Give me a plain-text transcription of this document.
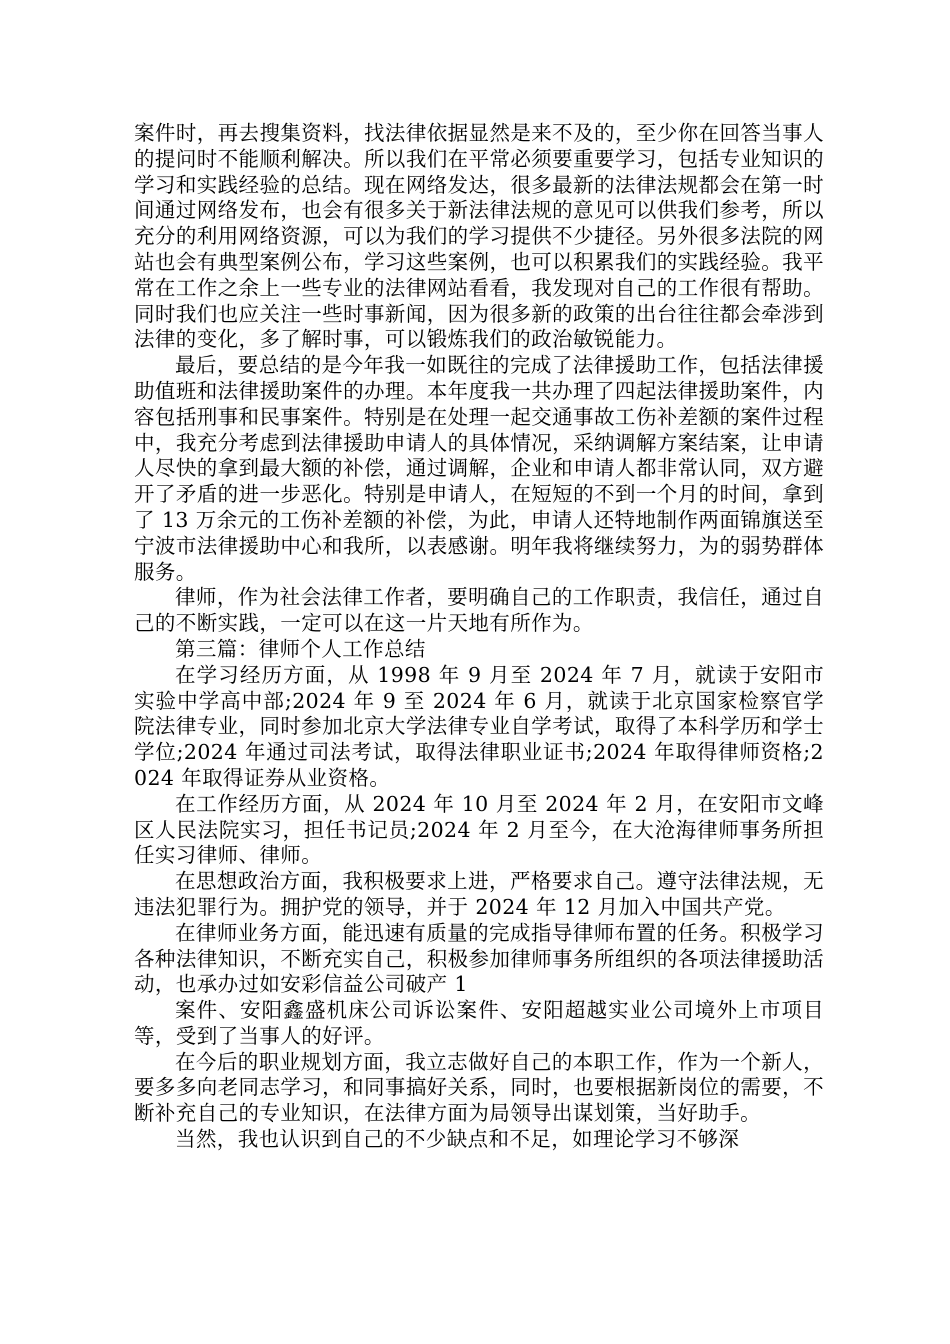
案件时，再去搜集资料，找法律依据显然是来不及的，至少你在回答当事人的提问时不能顺利解决。所以我们在平常必须要重要学习，包括专业知识的学习和实践经验的总结。现在网络发达，很多最新的法律法规都会在第一时间通过网络发布，也会有很多关于新法律法规的意见可以供我们参考，所以充分的利用网络资源，可以为我们的学习提供不少捷径。另外很多法院的网站也会有典型案例公布，学习这些案例，也可以积累我们的实践经验。我平常在工作之余上一些专业的法律网站看看，我发现对自己的工作很有帮助。同时我们也应关注一些时事新闻，因为很多新的政策的出台往往都会牵涉到法律的变化，多了解时事，可以锻炼我们的政治敏锐能力。

最后，要总结的是今年我一如既往的完成了法律援助工作，包括法律援助值班和法律援助案件的办理。本年度我一共办理了四起法律援助案件，内容包括刑事和民事案件。特别是在处理一起交通事故工伤补差额的案件过程中，我充分考虑到法律援助申请人的具体情况，采纳调解方案结案，让申请人尽快的拿到最大额的补偿，通过调解，企业和申请人都非常认同，双方避开了矛盾的进一步恶化。特别是申请人，在短短的不到一个月的时间，拿到了 13 万余元的工伤补差额的补偿，为此，申请人还特地制作两面锦旗送至宁波市法律援助中心和我所，以表感谢。明年我将继续努力，为的弱势群体服务。

律师，作为社会法律工作者，要明确自己的工作职责，我信任，通过自己的不断实践，一定可以在这一片天地有所作为。

第三篇：律师个人工作总结

在学习经历方面，从 1998 年 9 月至 2024 年 7 月，就读于安阳市实验中学高中部;2024 年 9 至 2024 年 6 月，就读于北京国家检察官学院法律专业，同时参加北京大学法律专业自学考试，取得了本科学历和学士学位;2024 年通过司法考试，取得法律职业证书;2024 年取得律师资格;2024 年取得证券从业资格。

在工作经历方面，从 2024 年 10 月至 2024 年 2 月，在安阳市文峰区人民法院实习，担任书记员;2024 年 2 月至今，在大沧海律师事务所担任实习律师、律师。

在思想政治方面，我积极要求上进，严格要求自己。遵守法律法规，无违法犯罪行为。拥护党的领导，并于 2024 年 12 月加入中国共产党。

在律师业务方面，能迅速有质量的完成指导律师布置的任务。积极学习各种法律知识，不断充实自己，积极参加律师事务所组织的各项法律援助活动，也承办过如安彩信益公司破产 1

案件、安阳鑫盛机床公司诉讼案件、安阳超越实业公司境外上市项目等，受到了当事人的好评。

在今后的职业规划方面，我立志做好自己的本职工作，作为一个新人，要多多向老同志学习，和同事搞好关系，同时，也要根据新岗位的需要，不断补充自己的专业知识，在法律方面为局领导出谋划策，当好助手。

当然，我也认识到自己的不少缺点和不足，如理论学习不够深
